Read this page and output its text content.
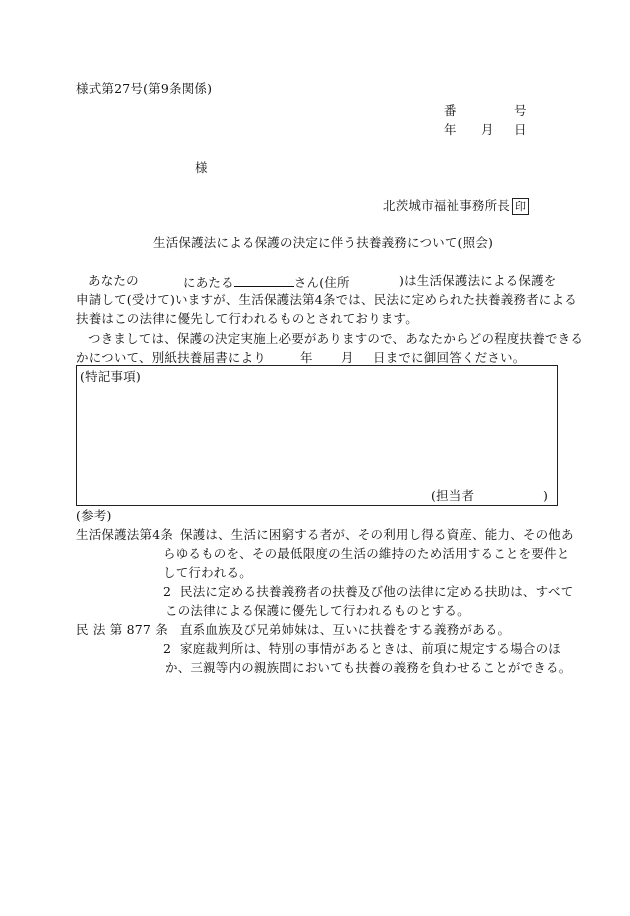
様式第27号(第9条関係)
番	号
年 月 日
様
北茨城市福祉事務所長 印
生活保護法による保護の決定に伴う扶養義務について(照会)
あなたの	にあたる	さん(住所	)は生活保護法による保護を
申請して(受けて)いますが、生活保護法第4条では、民法に定められた扶養義務者による
扶養はこの法律に優先して行われるものとされております。
つきましては、保護の決定実施上必要がありますので、あなたからどの程度扶養できる
かについて、別紙扶養届書により	年 月 日までに御回答ください。
(特記事項)
(担当者	)
(参考)
生活保護法第4条 保護は、生活に困窮する者が、その利用し得る資産、能力、その他あ
らゆるものを、その最低限度の生活の維持のため活用することを要件と
して行われる。
2 民法に定める扶養義務者の扶養及び他の法律に定める扶助は、すべて
この法律による保護に優先して行われるものとする。
民 法 第 877 条 直系血族及び兄弟姉妹は、互いに扶養をする義務がある。
2 家庭裁判所は、特別の事情があるときは、前項に規定する場合のほ
か、三親等内の親族間においても扶養の義務を負わせることができる。
